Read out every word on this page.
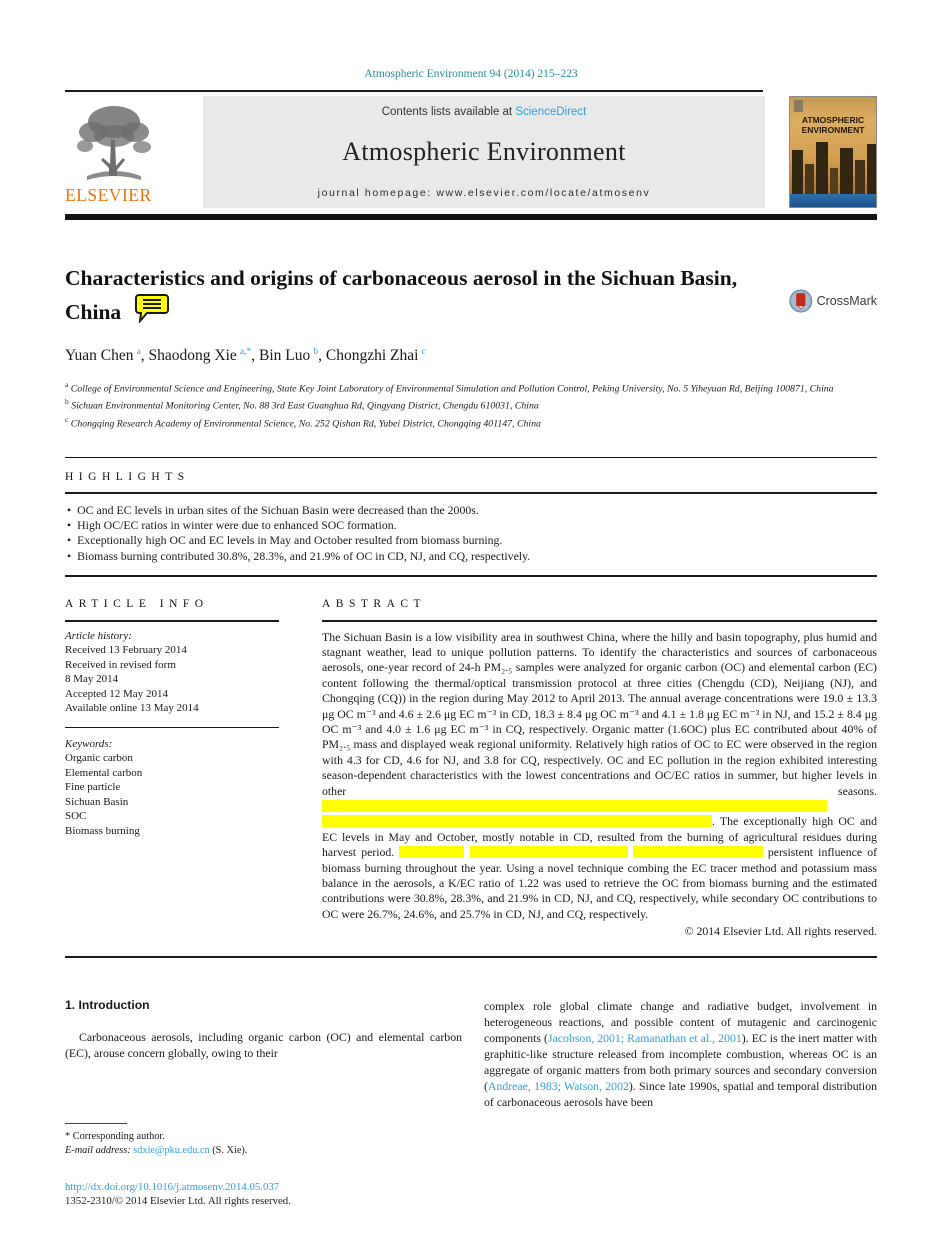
Atmospheric Environment 94 (2014) 215–223
ELSEVIER
Contents lists available at ScienceDirect
Atmospheric Environment
journal homepage: www.elsevier.com/locate/atmosenv
ATMOSPHERIC
ENVIRONMENT
Characteristics and origins of carbonaceous aerosol in the Sichuan Basin, China	CrossMark
Yuan Chen  $^a$, Shaodong Xie  $^{a,*}$, Bin Luo  $^b$, Chongzhi Zhai  $^c$
$^a$ College of Environmental Science and Engineering, State Key Joint Laboratory of Environmental Simulation and Pollution Control, Peking University, No. 5 Yiheyuan Rd, Beijing 100871, China
$^b$ Sichuan Environmental Monitoring Center, No. 88 3rd East Guanghua Rd, Qingyang District, Chengdu 610031, China
$^c$ Chongqing Research Academy of Environmental Science, No. 252 Qishan Rd, Yubei District, Chongqing 401147, China
HIGHLIGHTS
• OC and EC levels in urban sites of the Sichuan Basin were decreased than the 2000s.
• High OC/EC ratios in winter were due to enhanced SOC formation.
• Exceptionally high OC and EC levels in May and October resulted from biomass burning.
• Biomass burning contributed 30.8%, 28.3%, and 21.9% of OC in CD, NJ, and CQ, respectively.
ARTICLE INFO
Article history:
Received 13 February 2014
Received in revised form
8 May 2014
Accepted 12 May 2014
Available online 13 May 2014
Keywords:
Organic carbon
Elemental carbon
Fine particle
Sichuan Basin
SOC
Biomass burning
ABSTRACT

The Sichuan Basin is a low visibility area in southwest China, where the hilly and basin topography, plus humid and stagnant weather, lead to unique pollution patterns. To identify the characteristics and sources of carbonaceous aerosols, one-year record of 24-h PM₂.₅ samples were analyzed for organic carbon (OC) and elemental carbon (EC) content following the thermal/optical transmission protocol at three cities (Chengdu (CD), Neijiang (NJ), and Chongqing (CQ)) in the region during May 2012 to April 2013. The annual average concentrations were 19.0 ± 13.3 μg OC m⁻³ and 4.6 ± 2.6 μg EC m⁻³ in CD, 18.3 ± 8.4 μg OC m⁻³ and 4.1 ± 1.8 μg EC m⁻³ in NJ, and 15.2 ± 8.4 μg OC m⁻³ and 4.0 ± 1.6 μg EC m⁻³ in CQ, respectively. Organic matter (1.6OC) plus EC contributed about 40% of PM₂.₅ mass and displayed weak regional uniformity. Relatively high ratios of OC to EC were observed in the region with 4.3 for CD, 4.6 for NJ, and 3.8 for CQ, respectively. OC and EC pollution in the region exhibited interesting season-dependent characteristics with the lowest concentrations and OC/EC ratios in summer, but higher levels in other seasons.  . The exceptionally high OC and EC levels in May and October, mostly notable in CD, resulted from the burning of agricultural residues during harvest period.	persistent influence of biomass burning throughout the year. Using a novel technique combing the EC tracer method and potassium mass balance in the aerosols, a K/EC ratio of 1.22 was used to retrieve the OC from biomass burning and the estimated contributions were 30.8%, 28.3%, and 21.9% in CD, NJ, and CQ, respectively, while secondary OC contributions to OC were 26.7%, 24.6%, and 25.7% in CD, NJ, and CQ, respectively.

© 2014 Elsevier Ltd. All rights reserved.
1. Introduction

Carbonaceous aerosols, including organic carbon (OC) and elemental carbon (EC), arouse concern globally, owing to their

* Corresponding author.
E-mail address: sdxie@pku.edu.cn (S. Xie).
http://dx.doi.org/10.1016/j.atmosenv.2014.05.037
1352-2310/© 2014 Elsevier Ltd. All rights reserved.

complex role global climate change and radiative budget, involvement in heterogeneous reactions, and possible content of mutagenic and carcinogenic components (Jacobson, 2001; Ramanathan et al., 2001). EC is the inert matter with graphitic-like structure released from incomplete combustion, whereas OC is an aggregate of organic matters from both primary sources and secondary conversion (Andreae, 1983; Watson, 2002). Since late 1990s, spatial and temporal distribution of carbonaceous aerosols have been
